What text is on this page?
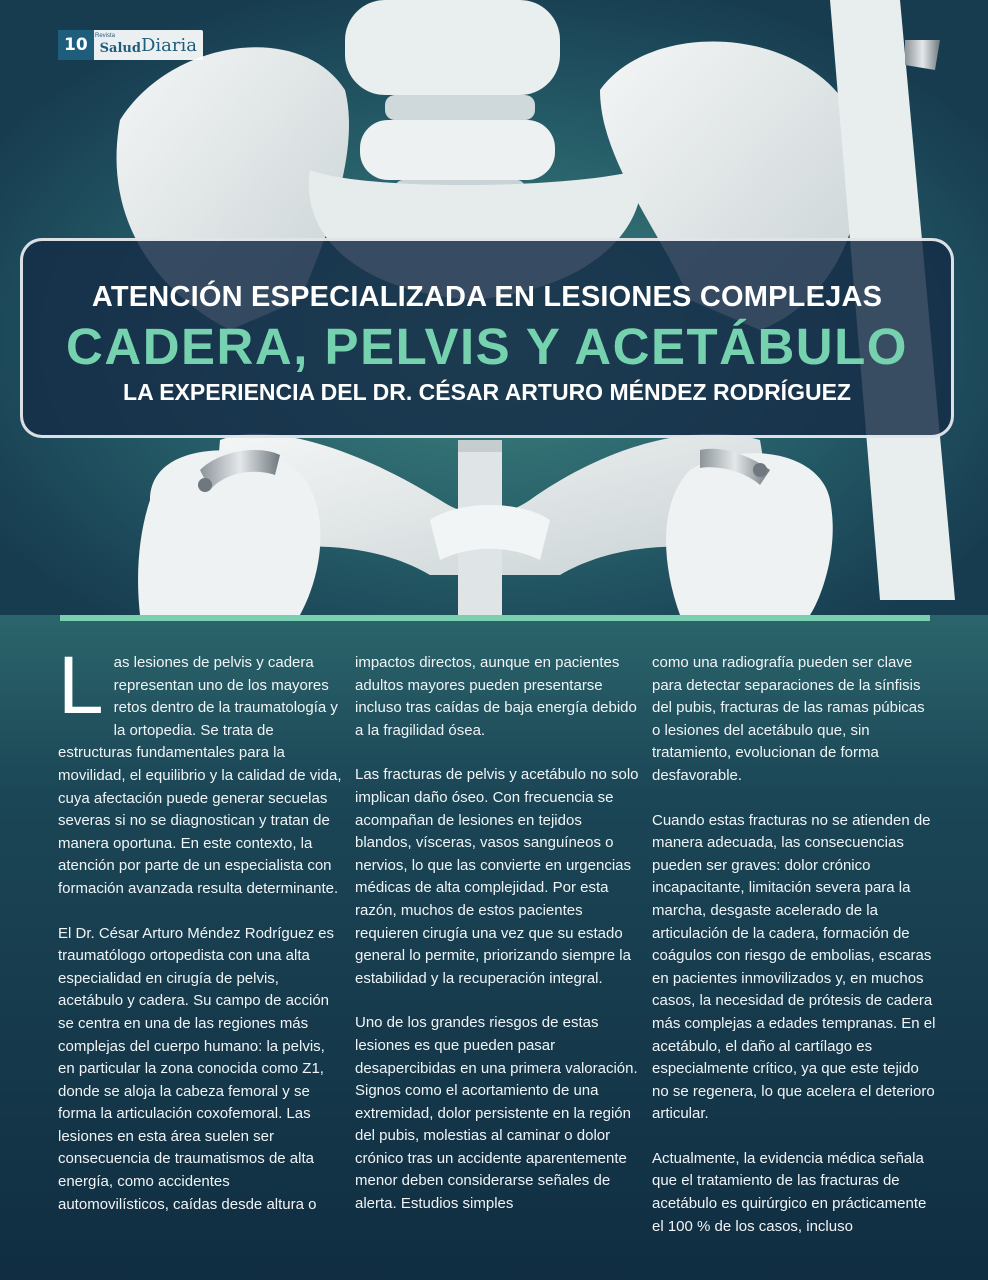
10	Revista
Salud Diaria
ATENCIÓN ESPECIALIZADA EN LESIONES COMPLEJAS
CADERA, PELVIS Y ACETÁBULO
LA EXPERIENCIA DEL DR. CÉSAR ARTURO MÉNDEZ RODRÍGUEZ

Las lesiones de pelvis y cadera representan uno de los mayores retos dentro de la traumatología y la ortopedia. Se trata de estructuras fundamentales para la movilidad, el equilibrio y la calidad de vida, cuya afectación puede generar secuelas severas si no se diagnostican y tratan de manera oportuna. En este contexto, la atención por parte de un especialista con formación avanzada resulta determinante.

El Dr. César Arturo Méndez Rodríguez es traumatólogo ortopedista con una alta especialidad en cirugía de pelvis, acetábulo y cadera. Su campo de acción se centra en una de las regiones más complejas del cuerpo humano: la pelvis, en particular la zona conocida como Z1, donde se aloja la cabeza femoral y se forma la articulación coxofemoral. Las lesiones en esta área suelen ser consecuencia de traumatismos de alta energía, como accidentes automovilísticos, caídas desde altura o

impactos directos, aunque en pacientes adultos mayores pueden presentarse incluso tras caídas de baja energía debido a la fragilidad ósea.

Las fracturas de pelvis y acetábulo no solo implican daño óseo. Con frecuencia se acompañan de lesiones en tejidos blandos, vísceras, vasos sanguíneos o nervios, lo que las convierte en urgencias médicas de alta complejidad. Por esta razón, muchos de estos pacientes requieren cirugía una vez que su estado general lo permite, priorizando siempre la estabilidad y la recuperación integral.

Uno de los grandes riesgos de estas lesiones es que pueden pasar desapercibidas en una primera valoración. Signos como el acortamiento de una extremidad, dolor persistente en la región del pubis, molestias al caminar o dolor crónico tras un accidente aparentemente menor deben considerarse señales de alerta. Estudios simples

como una radiografía pueden ser clave para detectar separaciones de la sínfisis del pubis, fracturas de las ramas púbicas o lesiones del acetábulo que, sin tratamiento, evolucionan de forma desfavorable.

Cuando estas fracturas no se atienden de manera adecuada, las consecuencias pueden ser graves: dolor crónico incapacitante, limitación severa para la marcha, desgaste acelerado de la articulación de la cadera, formación de coágulos con riesgo de embolias, escaras en pacientes inmovilizados y, en muchos casos, la necesidad de prótesis de cadera más complejas a edades tempranas. En el acetábulo, el daño al cartílago es especialmente crítico, ya que este tejido no se regenera, lo que acelera el deterioro articular.

Actualmente, la evidencia médica señala que el tratamiento de las fracturas de acetábulo es quirúrgico en prácticamente el 100 % de los casos, incluso
